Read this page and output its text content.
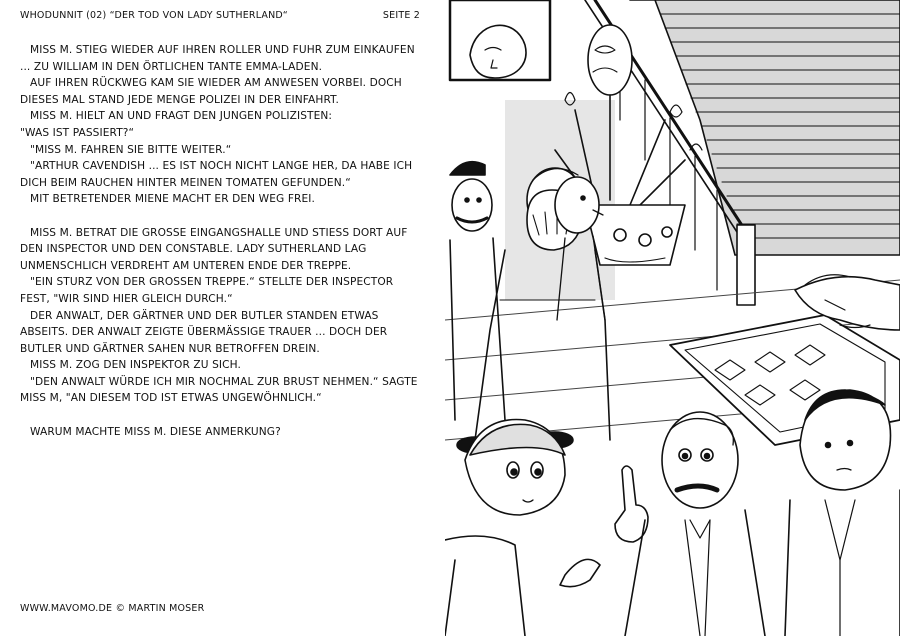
WHODUNNIT (02) “DER TOD VON LADY SUTHERLAND“	SEITE 2

MISS M. STIEG WIEDER AUF IHREN ROLLER UND FUHR ZUM EINKAUFEN ... ZU WILLIAM IN DEN ÖRTLICHEN TANTE EMMA-LADEN.

AUF IHREN RÜCKWEG KAM SIE WIEDER AM ANWESEN VORBEI. DOCH DIESES MAL STAND JEDE MENGE POLIZEI IN DER EINFAHRT.

MISS M. HIELT AN UND FRAGT DEN JUNGEN POLIZISTEN:

"WAS IST PASSIERT?“

"MISS M. FAHREN SIE BITTE WEITER.“

"ARTHUR CAVENDISH ... ES IST NOCH NICHT LANGE HER, DA HABE ICH DICH BEIM RAUCHEN HINTER MEINEN TOMATEN GEFUNDEN.“

MIT BETRETENDER MIENE MACHT ER DEN WEG FREI.

MISS M. BETRAT DIE GROSSE EINGANGSHALLE UND STIESS DORT AUF DEN INSPECTOR UND DEN CONSTABLE. LADY SUTHERLAND LAG UNMENSCHLICH VERDREHT AM UNTEREN ENDE DER TREPPE.

"EIN STURZ VON DER GROSSEN TREPPE.“ STELLTE DER INSPECTOR FEST, "WIR SIND HIER GLEICH DURCH.“

DER ANWALT, DER GÄRTNER UND DER BUTLER STANDEN ETWAS ABSEITS. DER ANWALT ZEIGTE ÜBERMÄSSIGE TRAUER ... DOCH DER BUTLER UND GÄRTNER SAHEN NUR BETROFFEN DREIN.

MISS M. ZOG DEN INSPEKTOR ZU SICH.

"DEN ANWALT WÜRDE ICH MIR NOCHMAL ZUR BRUST NEHMEN.“ SAGTE MISS M, "AN DIESEM TOD IST ETWAS UNGEWÖHNLICH.“

WARUM MACHTE MISS M. DIESE ANMERKUNG?

WWW.MAVOMO.DE © MARTIN MOSER
